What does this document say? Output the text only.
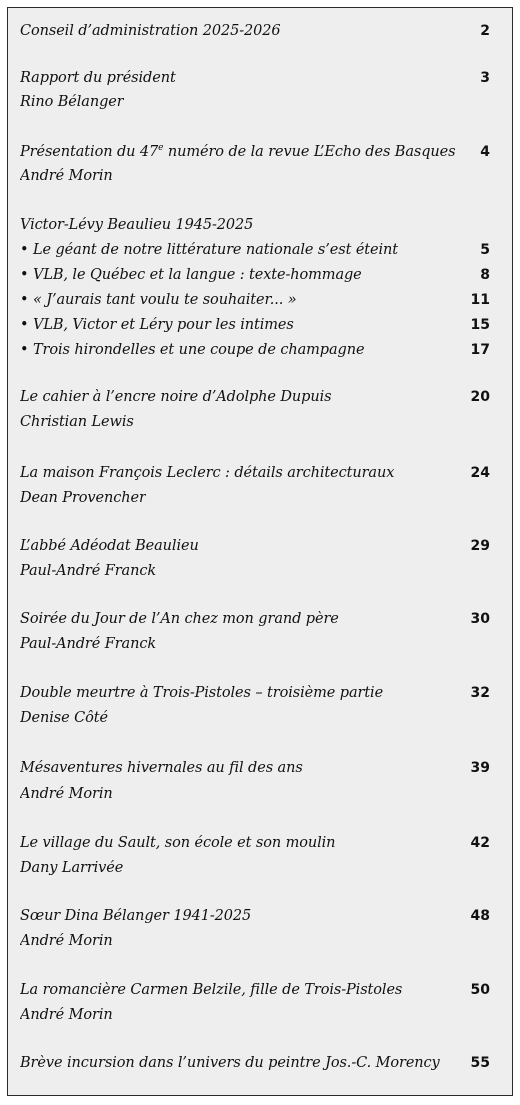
Conseil d’administration 2025-2026	2
Rapport du président	3
Rino Bélanger
Présentation du 47e numéro de la revue L’Écho des Basques	4
André Morin
Victor-Lévy Beaulieu 1945-2025
• Le géant de notre littérature nationale s’est éteint	5
• VLB, le Québec et la langue : texte-hommage	8
• « J’aurais tant voulu te souhaiter... »	11
• VLB, Victor et Léry pour les intimes	15
• Trois hirondelles et une coupe de champagne	17
Le cahier à l’encre noire d’Adolphe Dupuis	20
Christian Lewis
La maison François Leclerc : détails architecturaux	24
Dean Provencher
L’abbé Adéodat Beaulieu	29
Paul-André Franck
Soirée du Jour de l’An chez mon grand père	30
Paul-André Franck
Double meurtre à Trois-Pistoles – troisième partie	32
Denise Côté
Mésaventures hivernales au fil des ans	39
André Morin
Le village du Sault, son école et son moulin	42
Dany Larrivée
Sœur Dina Bélanger 1941-2025	48
André Morin
La romancière Carmen Belzile, fille de Trois-Pistoles	50
André Morin
Brève incursion dans l’univers du peintre Jos.-C. Morency 55
